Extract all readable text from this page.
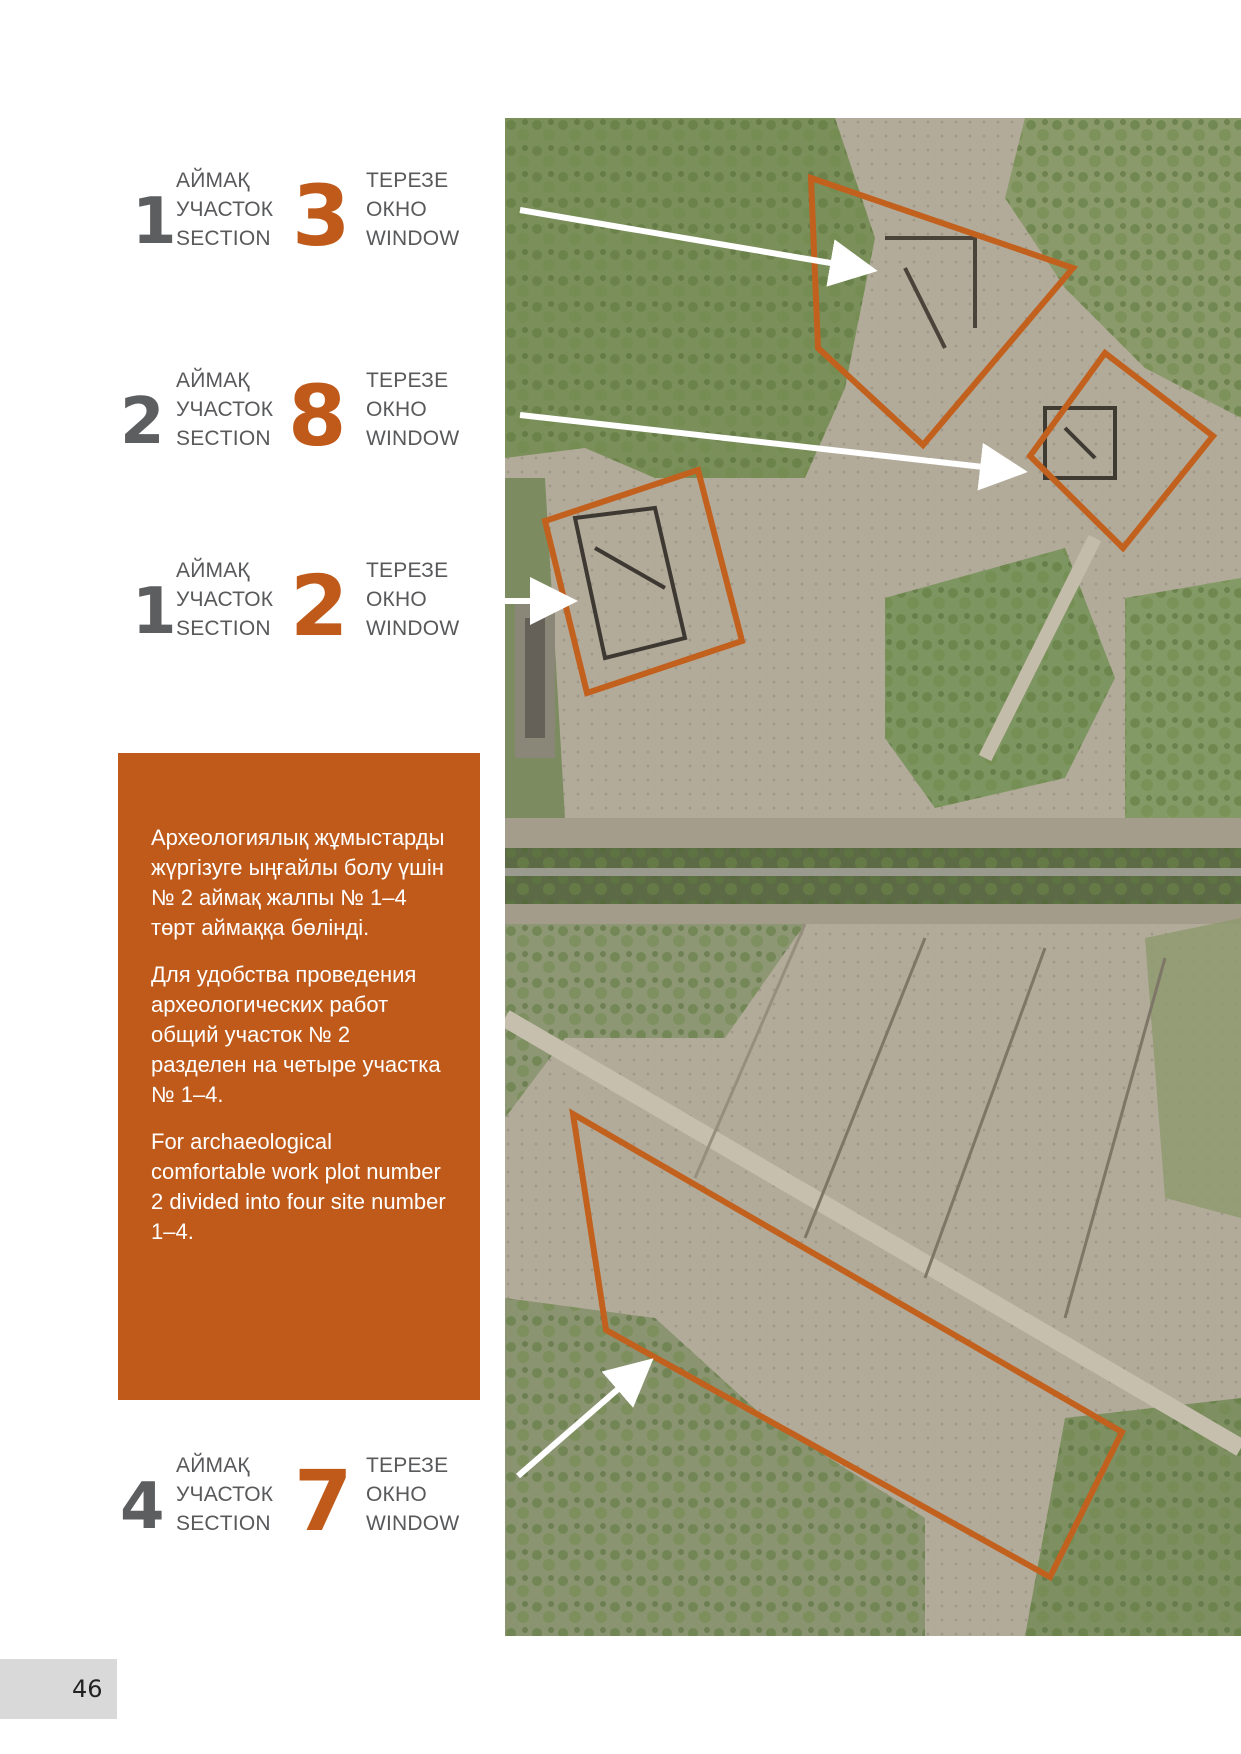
1
АЙМАҚ
УЧАСТОК
SECTION 3 ТЕРЕЗЕ
ОКНО
WINDOW
2
АЙМАҚ
УЧАСТОК
SECTION 8 ТЕРЕЗЕ
ОКНО
WINDOW
1
АЙМАҚ
УЧАСТОК
SECTION 2 ТЕРЕЗЕ
ОКНО
WINDOW
4
АЙМАҚ
УЧАСТОК
SECTION 7 ТЕРЕЗЕ
ОКНО
WINDOW

Археологиялық жұмыстарды жүргізуге ыңғайлы болу үшін № 2 аймақ жалпы № 1–4 төрт аймаққа бөлінді.

Для удобства проведения археологических работ общий участок № 2 разделен на четыре участка № 1–4.

For archaeological comfortable work plot number 2 divided into four site number 1–4.

46
